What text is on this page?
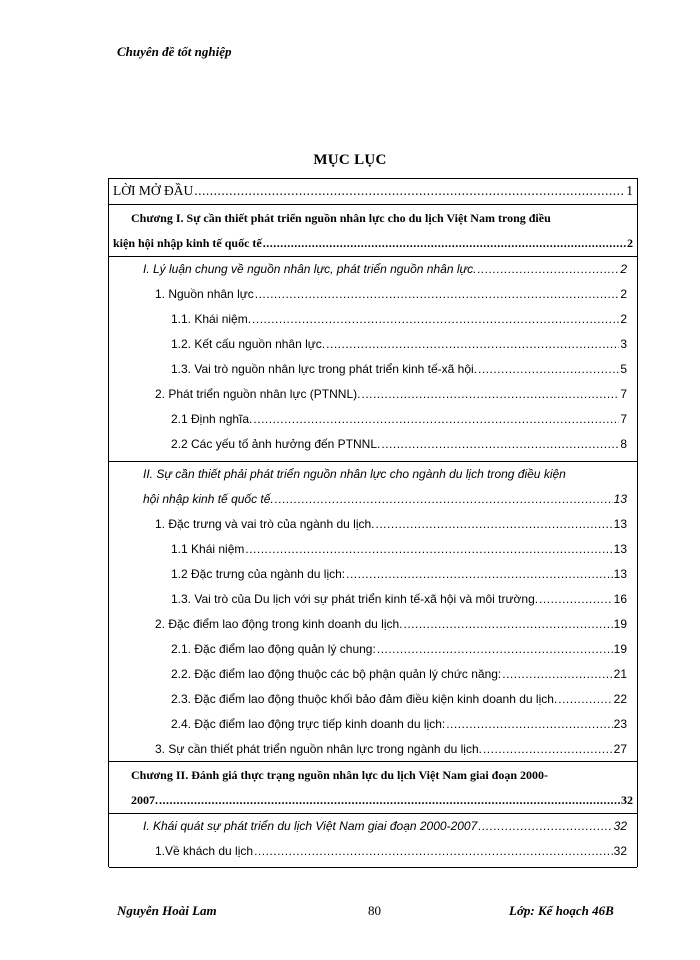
Chuyên đề tốt nghiệp
MỤC LỤC
LỜI MỞ ĐẦU .....	1
Chương I. Sự cần thiết phát triển nguồn nhân lực cho du lịch Việt Nam trong điều
kiện hội nhập kinh tế quốc tế .....	2
I. Lý luận chung về nguồn nhân lực, phát triển nguồn nhân lực. .....	2
1. Nguồn nhân lực .....	2
1.1. Khái niệm. .....	2
1.2. Kết cấu nguồn nhân lực. .....	3
1.3. Vai trò nguồn nhân lực trong phát triển kinh tế-xã hội. .....	5
2. Phát triển nguồn nhân lực (PTNNL). .....	7
2.1 Định nghĩa. .....	7
2.2 Các yếu tố ảnh hưởng đến PTNNL. .....	8
II. Sự cần thiết phải phát triển nguồn nhân lực cho ngành du lịch trong điều kiện
hội nhập kinh tế quốc tế. .....	13
1. Đặc trưng và vai trò của ngành du lịch. .....	13
1.1 Khái niệm .....	13
1.2 Đặc trưng của ngành du lịch: .....	13
1.3. Vai trò của Du lịch với sự phát triển kinh tế-xã hội và môi trường. .....	16
2. Đặc điểm lao động trong kinh doanh du lịch. .....	19
2.1. Đặc điểm lao động quản lý chung: .....	19
2.2. Đặc điểm lao động thuộc các bộ phận quản lý chức năng: .....	21
2.3. Đặc điểm lao động thuộc khối bảo đảm điều kiện kinh doanh du lịch. .....	22
2.4. Đặc điểm lao động trực tiếp kinh doanh du lịch: .....	23
3. Sự cần thiết phát triển nguồn nhân lực trong ngành du lịch. .....	27
Chương II. Đánh giá thực trạng nguồn nhân lực du lịch Việt Nam giai đoạn 2000-
2007. .....	32
I. Khái quát sự phát triển du lịch Việt Nam giai đoạn 2000-2007 .....	32
1.Về khách du lịch .....	32
Nguyễn Hoài Lam	80	Lớp: Kế hoạch 46B
